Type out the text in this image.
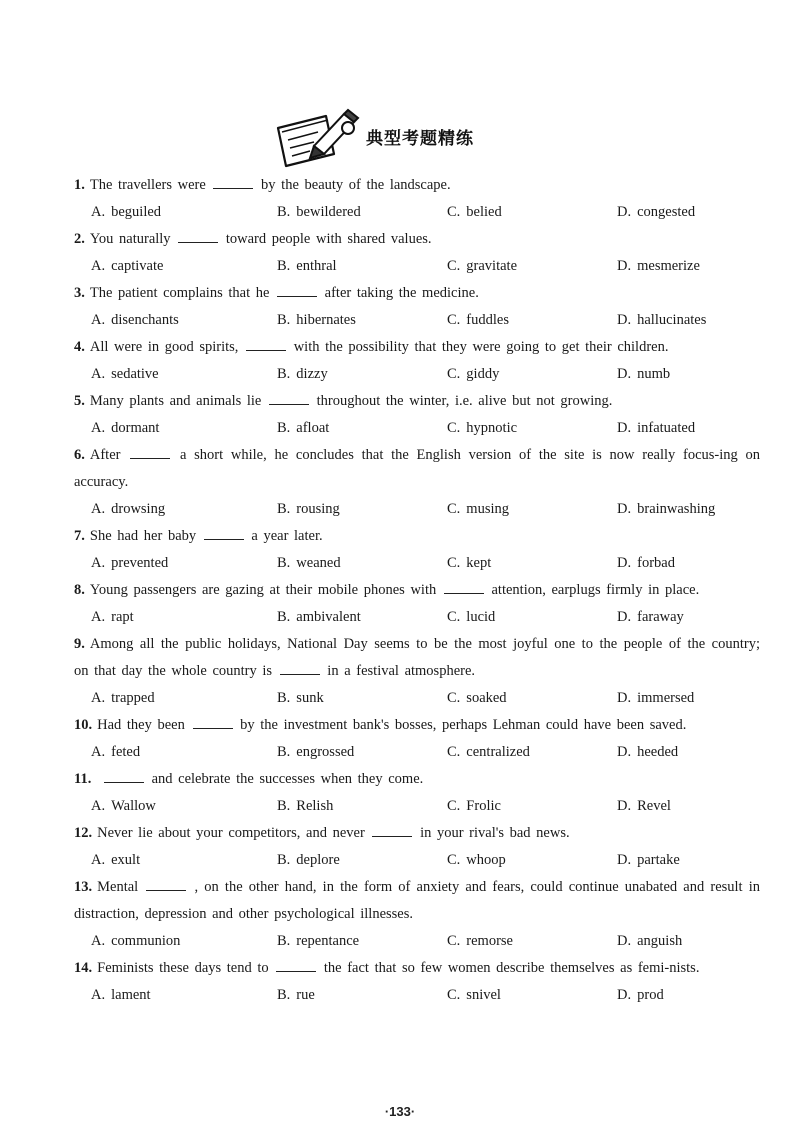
典型考题精练
1. The travellers were	by the beauty of the landscape.
A. beguiled	B. bewildered	C. belied	D. congested
2. You naturally	toward people with shared values.
A. captivate	B. enthral	C. gravitate	D. mesmerize
3. The patient complains that he	after taking the medicine.
A. disenchants	B. hibernates	C. fuddles	D. hallucinates
4. All were in good spirits,	with the possibility that they were going to get their children.
A. sedative	B. dizzy	C. giddy	D. numb
5. Many plants and animals lie	throughout the winter, i.e. alive but not growing.
A. dormant	B. afloat	C. hypnotic	D. infatuated
6. After	a short while, he concludes that the English version of the site is now really focus-ing on accuracy.
A. drowsing	B. rousing	C. musing	D. brainwashing
7. She had her baby	a year later.
A. prevented	B. weaned	C. kept	D. forbad
8. Young passengers are gazing at their mobile phones with	attention, earplugs firmly in place.
A. rapt	B. ambivalent	C. lucid	D. faraway
9. Among all the public holidays, National Day seems to be the most joyful one to the people of the country; on that day the whole country is	in a festival atmosphere.
A. trapped	B. sunk	C. soaked	D. immersed
10. Had they been	by the investment bank's bosses, perhaps Lehman could have been saved.
A. feted	B. engrossed	C. centralized	D. heeded
11.	and celebrate the successes when they come.
A. Wallow	B. Relish	C. Frolic	D. Revel
12. Never lie about your competitors, and never	in your rival's bad news.
A. exult	B. deplore	C. whoop	D. partake
13. Mental	, on the other hand, in the form of anxiety and fears, could continue unabated and result in distraction, depression and other psychological illnesses.
A. communion	B. repentance	C. remorse	D. anguish
14. Feminists these days tend to	the fact that so few women describe themselves as femi-nists.
A. lament	B. rue	C. snivel	D. prod
·133·
